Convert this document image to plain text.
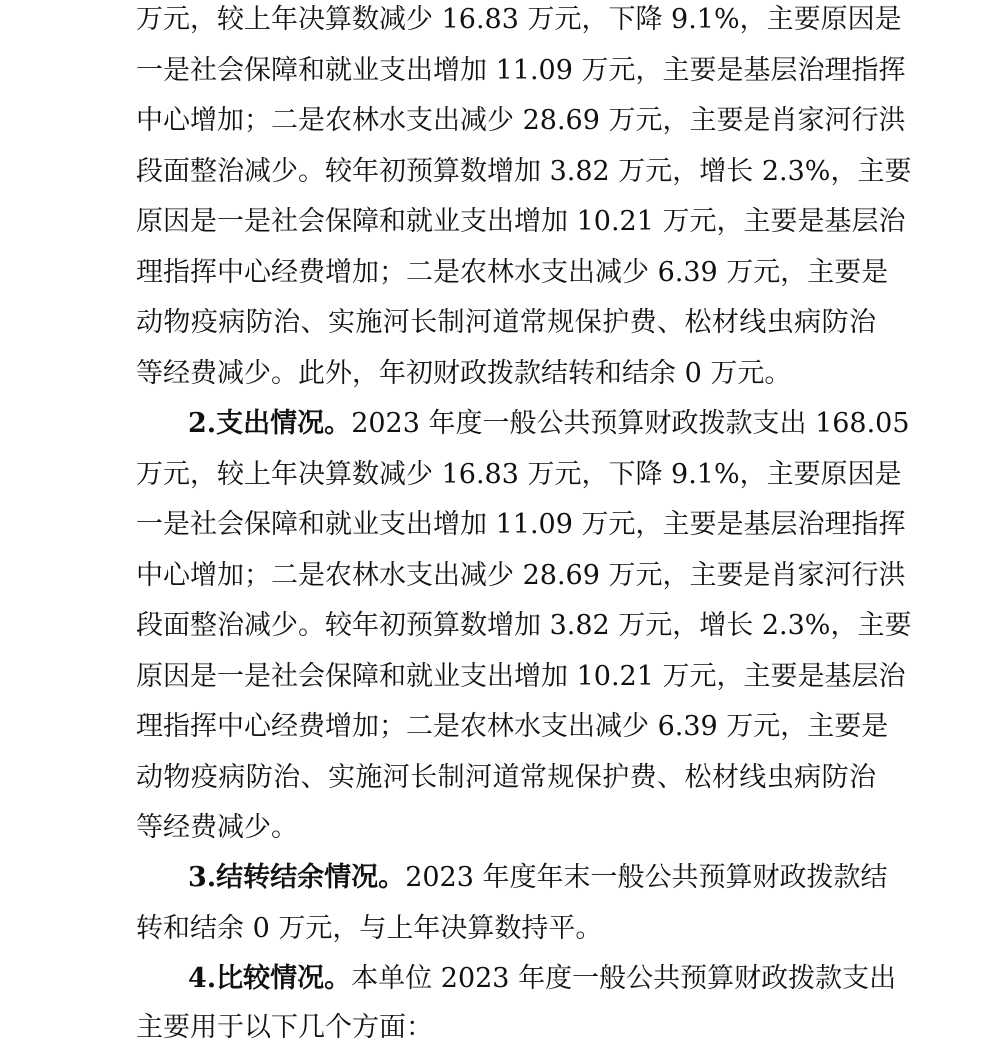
万元，较上年决算数减少 16.83 万元，下降 9.1%，主要原因是
一是社会保障和就业支出增加 11.09 万元，主要是基层治理指挥
中心增加；二是农林水支出减少 28.69 万元，主要是肖家河行洪
段面整治减少。较年初预算数增加 3.82 万元，增长 2.3%，主要
原因是一是社会保障和就业支出增加 10.21 万元，主要是基层治
理指挥中心经费增加；二是农林水支出减少 6.39 万元，主要是
动物疫病防治、实施河长制河道常规保护费、松材线虫病防治
等经费减少。此外，年初财政拨款结转和结余 0 万元。
2.支出情况。2023 年度一般公共预算财政拨款支出 168.05
万元，较上年决算数减少 16.83 万元，下降 9.1%，主要原因是
一是社会保障和就业支出增加 11.09 万元，主要是基层治理指挥
中心增加；二是农林水支出减少 28.69 万元，主要是肖家河行洪
段面整治减少。较年初预算数增加 3.82 万元，增长 2.3%，主要
原因是一是社会保障和就业支出增加 10.21 万元，主要是基层治
理指挥中心经费增加；二是农林水支出减少 6.39 万元，主要是
动物疫病防治、实施河长制河道常规保护费、松材线虫病防治
等经费减少。
3.结转结余情况。2023 年度年末一般公共预算财政拨款结
转和结余 0 万元，与上年决算数持平。
4.比较情况。本单位 2023 年度一般公共预算财政拨款支出
主要用于以下几个方面：
